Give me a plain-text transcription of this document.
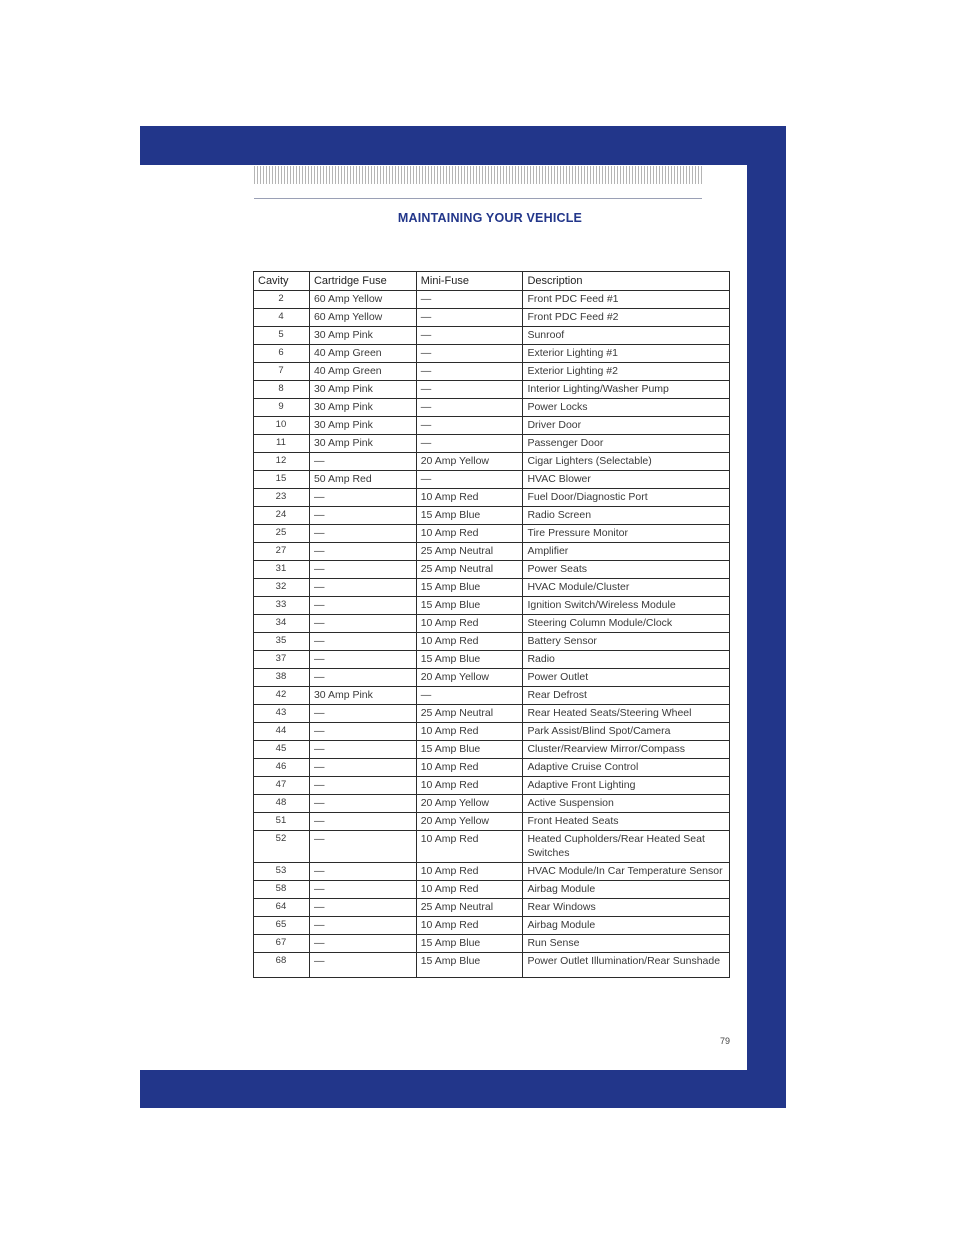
MAINTAINING YOUR VEHICLE
Cavity	Cartridge Fuse	Mini-Fuse	Description
2	60 Amp Yellow	—	Front PDC Feed #1
4	60 Amp Yellow	—	Front PDC Feed #2
5	30 Amp Pink	—	Sunroof
6	40 Amp Green	—	Exterior Lighting #1
7	40 Amp Green	—	Exterior Lighting #2
8	30 Amp Pink	—	Interior Lighting/Washer Pump
9	30 Amp Pink	—	Power Locks
10	30 Amp Pink	—	Driver Door
11	30 Amp Pink	—	Passenger Door
12	—	20 Amp Yellow	Cigar Lighters (Selectable)
15	50 Amp Red	—	HVAC Blower
23	—	10 Amp Red	Fuel Door/Diagnostic Port
24	—	15 Amp Blue	Radio Screen
25	—	10 Amp Red	Tire Pressure Monitor
27	—	25 Amp Neutral	Amplifier
31	—	25 Amp Neutral	Power Seats
32	—	15 Amp Blue	HVAC Module/Cluster
33	—	15 Amp Blue	Ignition Switch/Wireless Module
34	—	10 Amp Red	Steering Column Module/Clock
35	—	10 Amp Red	Battery Sensor
37	—	15 Amp Blue	Radio
38	—	20 Amp Yellow	Power Outlet
42	30 Amp Pink	—	Rear Defrost
43	—	25 Amp Neutral	Rear Heated Seats/Steering Wheel
44	—	10 Amp Red	Park Assist/Blind Spot/Camera
45	—	15 Amp Blue	Cluster/Rearview Mirror/Compass
46	—	10 Amp Red	Adaptive Cruise Control
47	—	10 Amp Red	Adaptive Front Lighting
48	—	20 Amp Yellow	Active Suspension
51	—	20 Amp Yellow	Front Heated Seats
52	—	10 Amp Red	Heated Cupholders/Rear Heated Seat Switches
53	—	10 Amp Red	HVAC Module/In Car Temperature Sensor
58	—	10 Amp Red	Airbag Module
64	—	25 Amp Neutral	Rear Windows
65	—	10 Amp Red	Airbag Module
67	—	15 Amp Blue	Run Sense
68	—	15 Amp Blue	Power Outlet Illumination/Rear Sunshade
79
